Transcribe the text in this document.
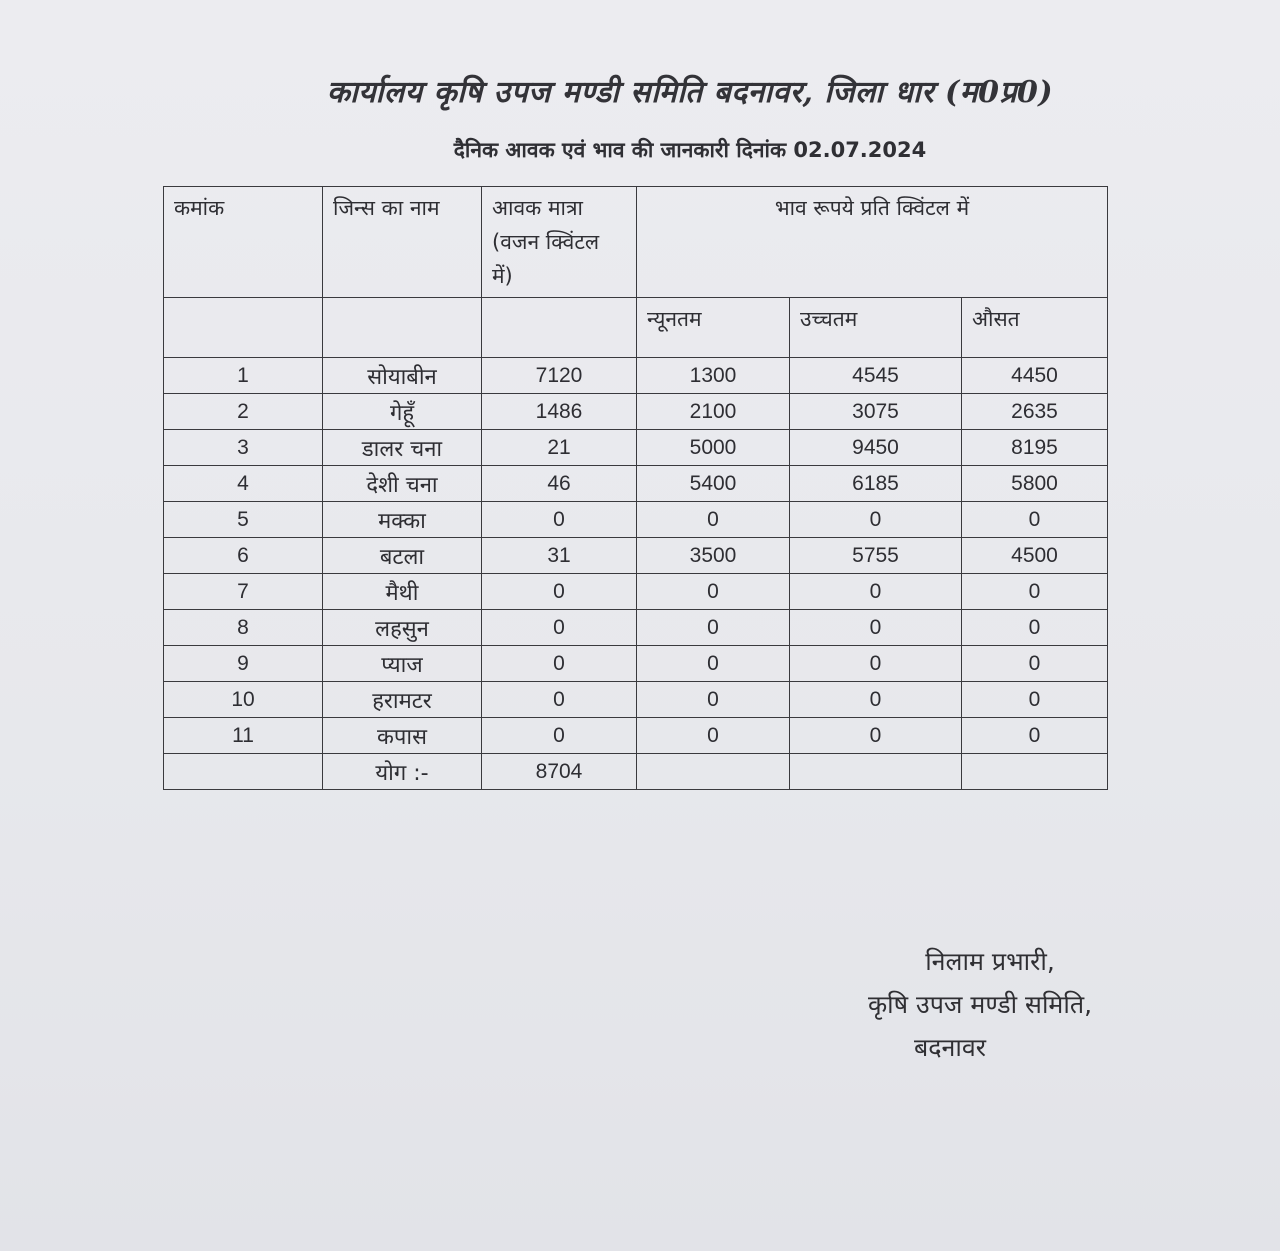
कार्यालय कृषि उपज मण्डी समिति बदनावर, जिला धार (म0प्र0)
दैनिक आवक एवं भाव की जानकारी दिनांक 02.07.2024
कमांक	जिन्स का नाम	आवक मात्रा (वजन क्विंटल में)	भाव रूपये प्रति क्विंटल में		
			न्यूनतम	उच्चतम	औसत
1	सोयाबीन	7120	1300	4545	4450
2	गेहूँ	1486	2100	3075	2635
3	डालर चना	21	5000	9450	8195
4	देशी चना	46	5400	6185	5800
5	मक्का	0	0	0	0
6	बटला	31	3500	5755	4500
7	मैथी	0	0	0	0
8	लहसुन	0	0	0	0
9	प्याज	0	0	0	0
10	हरामटर	0	0	0	0
11	कपास	0	0	0	0
	योग :-	8704			
निलाम प्रभारी,
कृषि उपज मण्डी समिति,
बदनावर
